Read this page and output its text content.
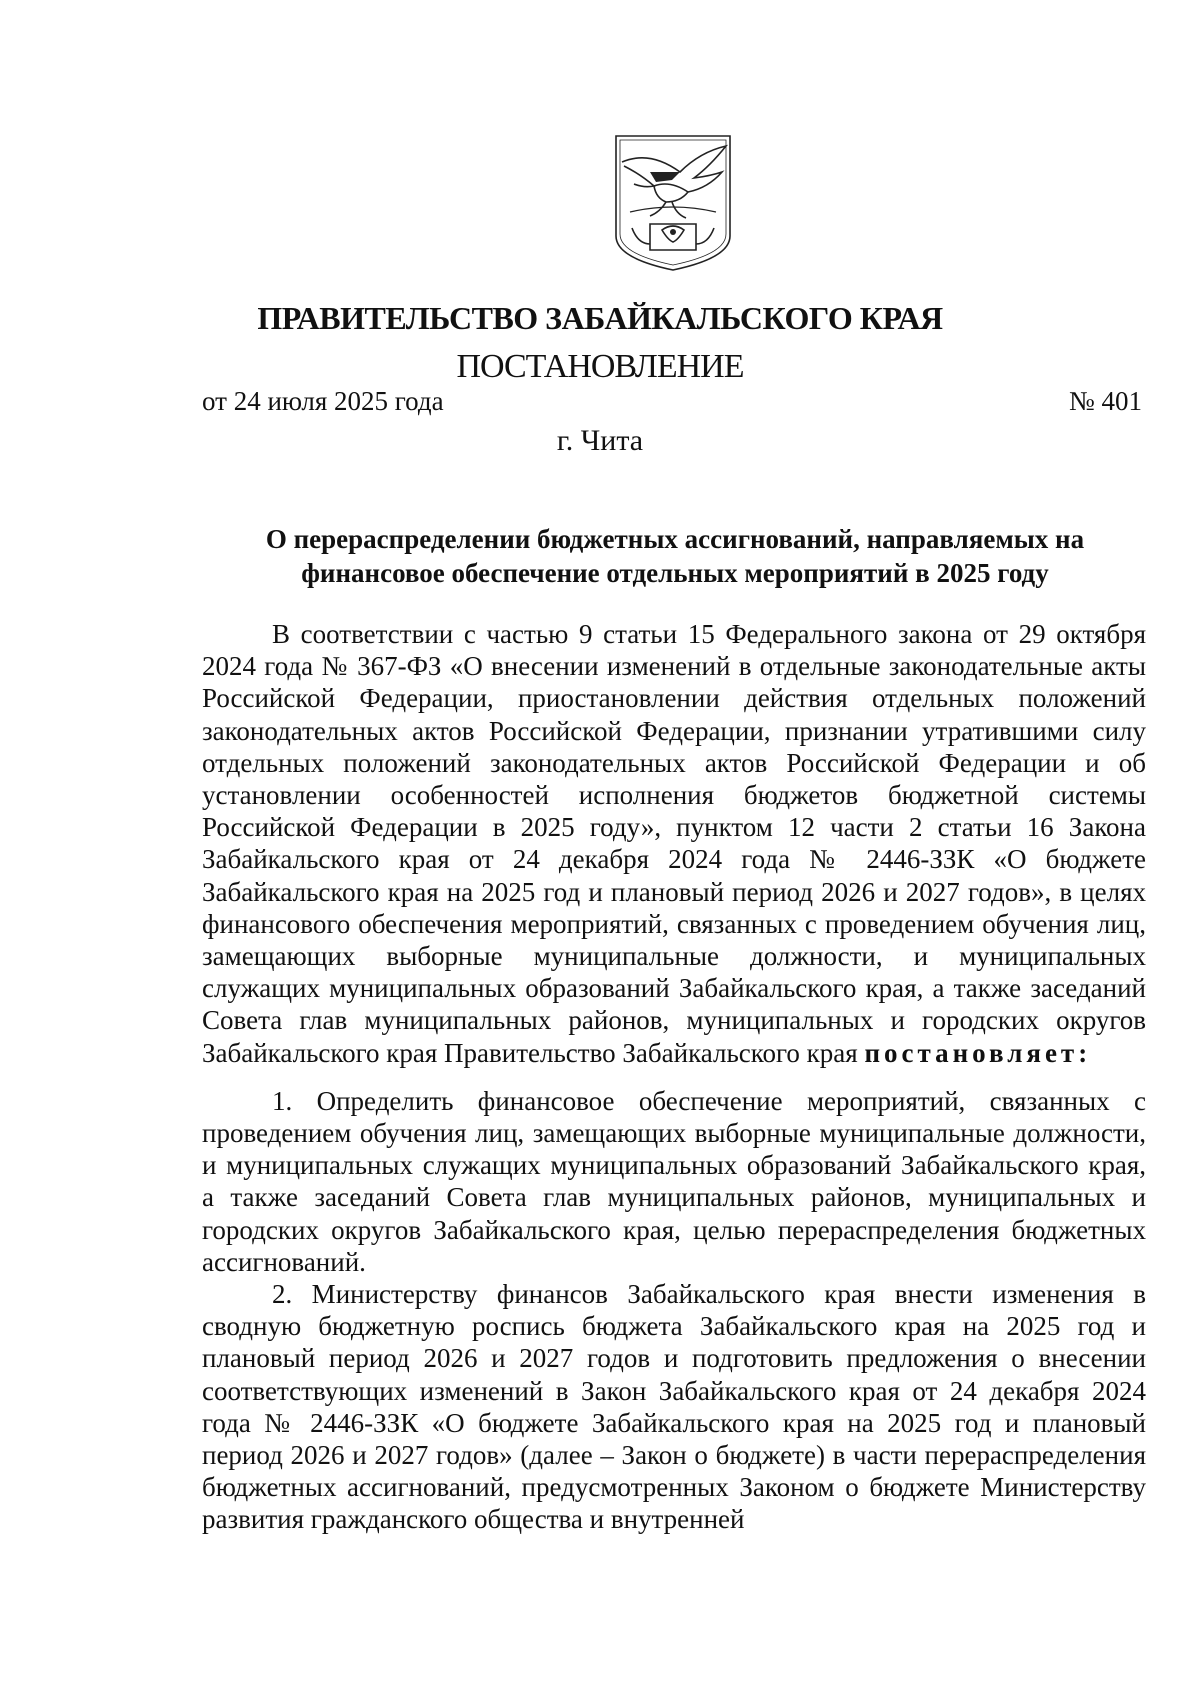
ПРАВИТЕЛЬСТВО ЗАБАЙКАЛЬСКОГО КРАЯ
ПОСТАНОВЛЕНИЕ
от 24 июля 2025 года	№ 401
г. Чита
О перераспределении бюджетных ассигнований, направляемых на
финансовое обеспечение отдельных мероприятий в 2025 году

В соответствии с частью 9 статьи 15 Федерального закона от 29 октября 2024 года № 367-ФЗ «О внесении изменений в отдельные законодательные акты Российской Федерации, приостановлении действия отдельных положений законодательных актов Российской Федерации, признании утратившими силу отдельных положений законодательных актов Российской Федерации и об установлении особенностей исполнения бюджетов бюджетной системы Российской Федерации в 2025 году», пунктом 12 части 2 статьи 16 Закона Забайкальского края от 24 декабря 2024 года № 2446-ЗЗК «О бюджете Забайкальского края на 2025 год и плановый период 2026 и 2027 годов», в целях финансового обеспечения мероприятий, связанных с проведением обучения лиц, замещающих выборные муниципальные должности, и муниципальных служащих муниципальных образований Забайкальского края, а также заседаний Совета глав муниципальных районов, муниципальных и городских округов Забайкальского края Правительство Забайкальского края постановляет:

1. Определить финансовое обеспечение мероприятий, связанных с проведением обучения лиц, замещающих выборные муниципальные должности, и муниципальных служащих муниципальных образований Забайкальского края, а также заседаний Совета глав муниципальных районов, муниципальных и городских округов Забайкальского края, целью перераспределения бюджетных ассигнований.

2. Министерству финансов Забайкальского края внести изменения в сводную бюджетную роспись бюджета Забайкальского края на 2025 год и плановый период 2026 и 2027 годов и подготовить предложения о внесении соответствующих изменений в Закон Забайкальского края от 24 декабря 2024 года № 2446-ЗЗК «О бюджете Забайкальского края на 2025 год и плановый период 2026 и 2027 годов» (далее – Закон о бюджете) в части перераспределения бюджетных ассигнований, предусмотренных Законом о бюджете Министерству развития гражданского общества и внутренней
